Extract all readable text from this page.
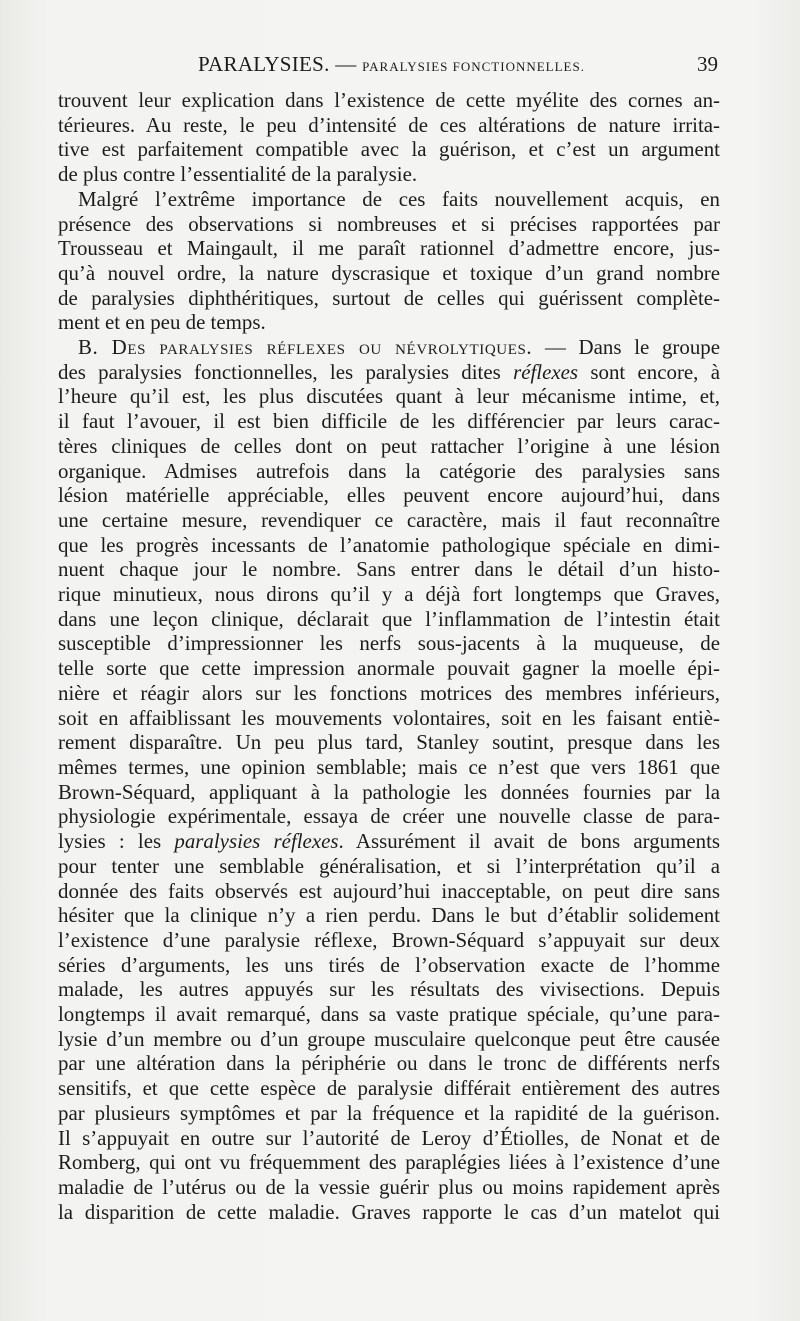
PARALYSIES. — PARALYSIES FONCTIONNELLES.	39

trouvent leur explication dans l’existence de cette myélite des cornes an-
térieures. Au reste, le peu d’intensité de ces altérations de nature irrita-
tive est parfaitement compatible avec la guérison, et c’est un argument
de plus contre l’essentialité de la paralysie.

Malgré l’extrême importance de ces faits nouvellement acquis, en
présence des observations si nombreuses et si précises rapportées par
Trousseau et Maingault, il me paraît rationnel d’admettre encore, jus-
qu’à nouvel ordre, la nature dyscrasique et toxique d’un grand nombre
de paralysies diphthéritiques, surtout de celles qui guérissent complète-
ment et en peu de temps.

B. Des paralysies réflexes ou névrolytiques. — Dans le groupe
des paralysies fonctionnelles, les paralysies dites réflexes sont encore, à
l’heure qu’il est, les plus discutées quant à leur mécanisme intime, et,
il faut l’avouer, il est bien difficile de les différencier par leurs carac-
tères cliniques de celles dont on peut rattacher l’origine à une lésion
organique. Admises autrefois dans la catégorie des paralysies sans
lésion matérielle appréciable, elles peuvent encore aujourd’hui, dans
une certaine mesure, revendiquer ce caractère, mais il faut reconnaître
que les progrès incessants de l’anatomie pathologique spéciale en dimi-
nuent chaque jour le nombre. Sans entrer dans le détail d’un histo-
rique minutieux, nous dirons qu’il y a déjà fort longtemps que Graves,
dans une leçon clinique, déclarait que l’inflammation de l’intestin était
susceptible d’impressionner les nerfs sous-jacents à la muqueuse, de
telle sorte que cette impression anormale pouvait gagner la moelle épi-
nière et réagir alors sur les fonctions motrices des membres inférieurs,
soit en affaiblissant les mouvements volontaires, soit en les faisant entiè-
rement disparaître. Un peu plus tard, Stanley soutint, presque dans les
mêmes termes, une opinion semblable; mais ce n’est que vers 1861 que
Brown-Séquard, appliquant à la pathologie les données fournies par la
physiologie expérimentale, essaya de créer une nouvelle classe de para-
lysies : les paralysies réflexes. Assurément il avait de bons arguments
pour tenter une semblable généralisation, et si l’interprétation qu’il a
donnée des faits observés est aujourd’hui inacceptable, on peut dire sans
hésiter que la clinique n’y a rien perdu. Dans le but d’établir solidement
l’existence d’une paralysie réflexe, Brown-Séquard s’appuyait sur deux
séries d’arguments, les uns tirés de l’observation exacte de l’homme
malade, les autres appuyés sur les résultats des vivisections. Depuis
longtemps il avait remarqué, dans sa vaste pratique spéciale, qu’une para-
lysie d’un membre ou d’un groupe musculaire quelconque peut être causée
par une altération dans la périphérie ou dans le tronc de différents nerfs
sensitifs, et que cette espèce de paralysie différait entièrement des autres
par plusieurs symptômes et par la fréquence et la rapidité de la guérison.
Il s’appuyait en outre sur l’autorité de Leroy d’Étiolles, de Nonat et de
Romberg, qui ont vu fréquemment des paraplégies liées à l’existence d’une
maladie de l’utérus ou de la vessie guérir plus ou moins rapidement après
la disparition de cette maladie. Graves rapporte le cas d’un matelot qui
